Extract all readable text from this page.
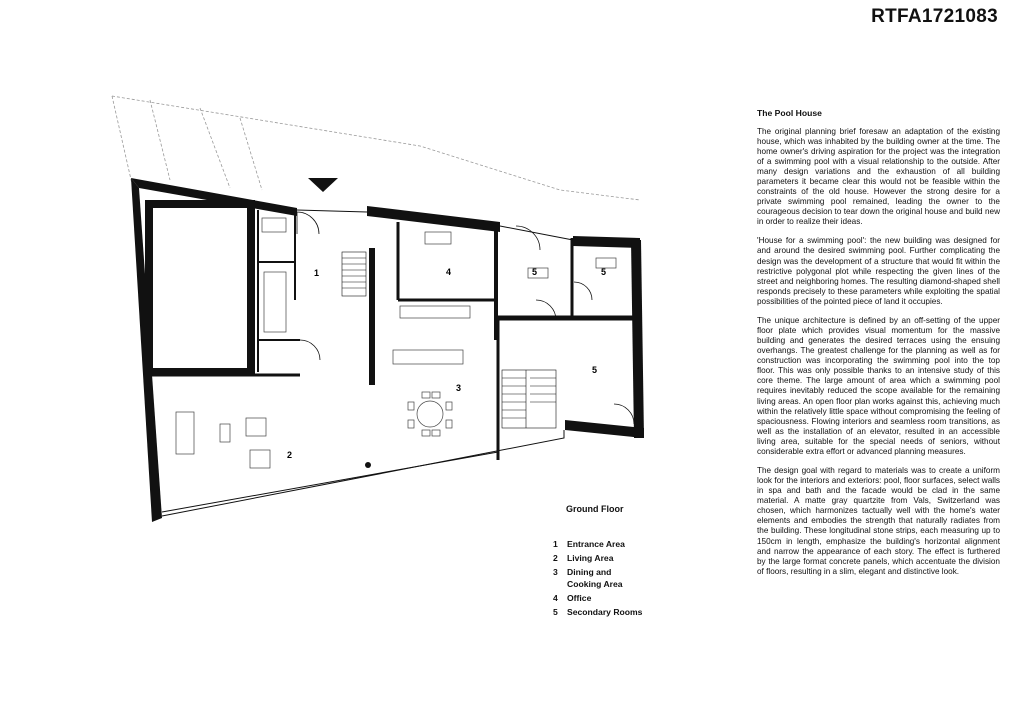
RTFA1721083
1
2
3
4	5	5
5
Ground Floor
1	Entrance Area
2	Living Area
3	Dining and Cooking Area
4	Office
5	Secondary Rooms
The Pool House

The original planning brief foresaw an adaptation of the existing house, which was inhabited by the building owner at the time. The home owner's driving aspiration for the project was the integration of a swimming pool with a visual relationship to the outside. After many design variations and the exhaustion of all building parameters it became clear this would not be feasible within the constraints of the old house. However the strong desire for a private swimming pool remained, leading the owner to the courageous decision to tear down the original house and build new in order to realize their ideas.

'House for a swimming pool': the new building was designed for and around the desired swimming pool. Further complicating the design was the development of a structure that would fit within the restrictive polygonal plot while respecting the given lines of the street and neighboring homes. The resulting diamond-shaped shell responds precisely to these parameters while exploiting the spatial possibilities of the pointed piece of land it occupies.

The unique architecture is defined by an off-setting of the upper floor plate which provides visual momentum for the massive building and generates the desired terraces using the ensuing overhangs. The greatest challenge for the planning as well as for construction was incorporating the swimming pool into the top floor. This was only possible thanks to an intensive study of this core theme. The large amount of area which a swimming pool requires inevitably reduced the scope available for the remaining living areas. An open floor plan works against this, achieving much within the relatively little space without compromising the feeling of spaciousness. Flowing interiors and seamless room transitions, as well as the installation of an elevator, resulted in an accessible living area, suitable for the special needs of seniors, without considerable extra effort or advanced planning measures.

The design goal with regard to materials was to create a uniform look for the interiors and exteriors: pool, floor surfaces, select walls in spa and bath and the facade would be clad in the same material. A matte gray quartzite from Vals, Switzerland was chosen, which harmonizes tactually well with the home's water elements and embodies the strength that naturally radiates from the building. These longitudinal stone strips, each measuring up to 150cm in length, emphasize the building's horizontal alignment and narrow the appearance of each story. The effect is furthered by the large format concrete panels, which accentuate the division of floors, resulting in a slim, elegant and distinctive look.
